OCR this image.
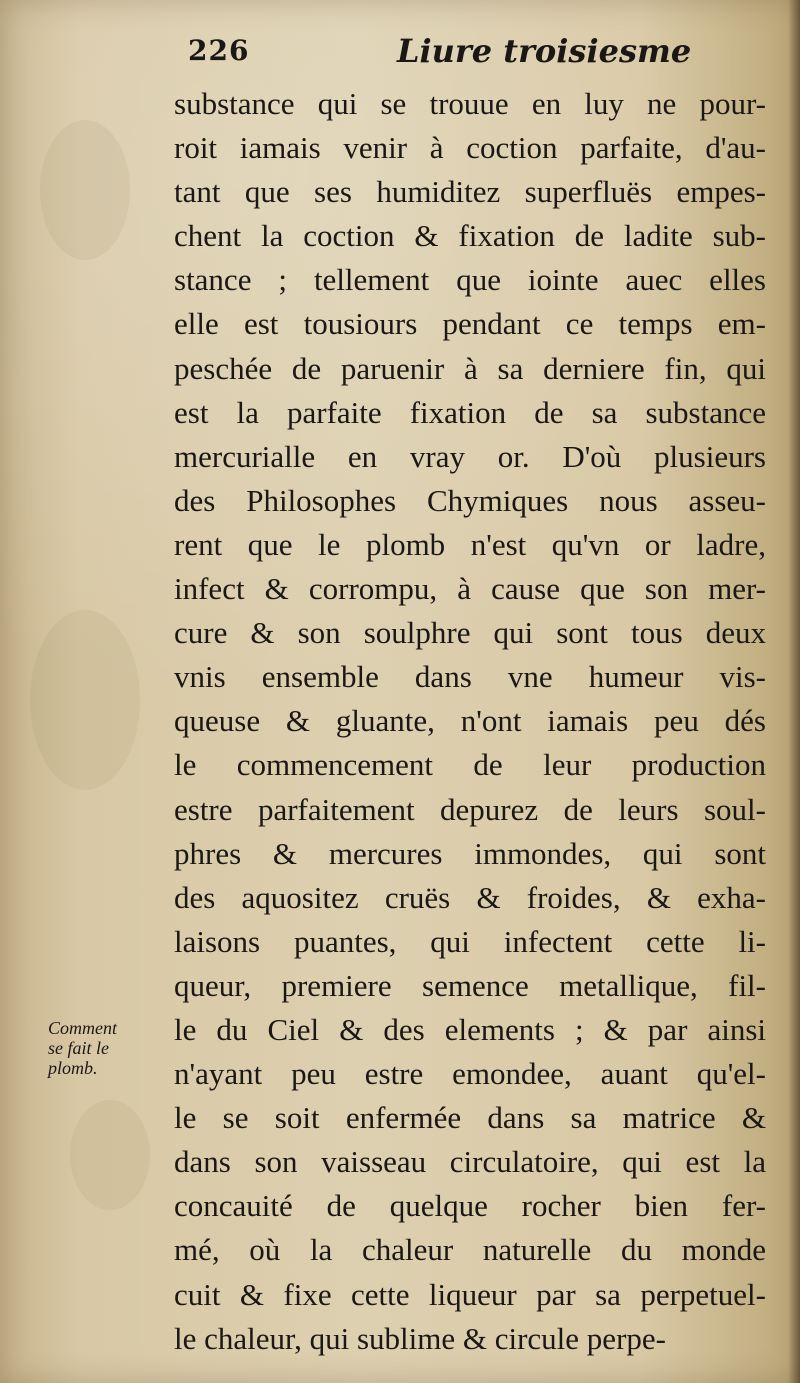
226	Liure troisiesme
substance qui se trouue en luy ne pour-
roit iamais venir à coction parfaite, d'au-
tant que ses humiditez superfluës empes-
chent la coction & fixation de ladite sub-
stance ; tellement que iointe auec elles
elle est tousiours pendant ce temps em-
peschée de paruenir à sa derniere fin, qui
est la parfaite fixation de sa substance
mercurialle en vray or. D'où plusieurs
des Philosophes Chymiques nous asseu-
rent que le plomb n'est qu'vn or ladre,
infect & corrompu, à cause que son mer-
cure & son soulphre qui sont tous deux
vnis ensemble dans vne humeur vis-
queuse & gluante, n'ont iamais peu dés
le commencement de leur production
estre parfaitement depurez de leurs soul-
phres & mercures immondes, qui sont
des aquositez cruës & froides, & exha-
laisons puantes, qui infectent cette li-
queur, premiere semence metallique, fil-
le du Ciel & des elements ; & par ainsi
n'ayant peu estre emondee, auant qu'el-
le se soit enfermée dans sa matrice &
dans son vaisseau circulatoire, qui est la
concauité de quelque rocher bien fer-
mé, où la chaleur naturelle du monde
cuit & fixe cette liqueur par sa perpetuel-
le chaleur, qui sublime & circule perpe-
Comment
se fait le
plomb.
